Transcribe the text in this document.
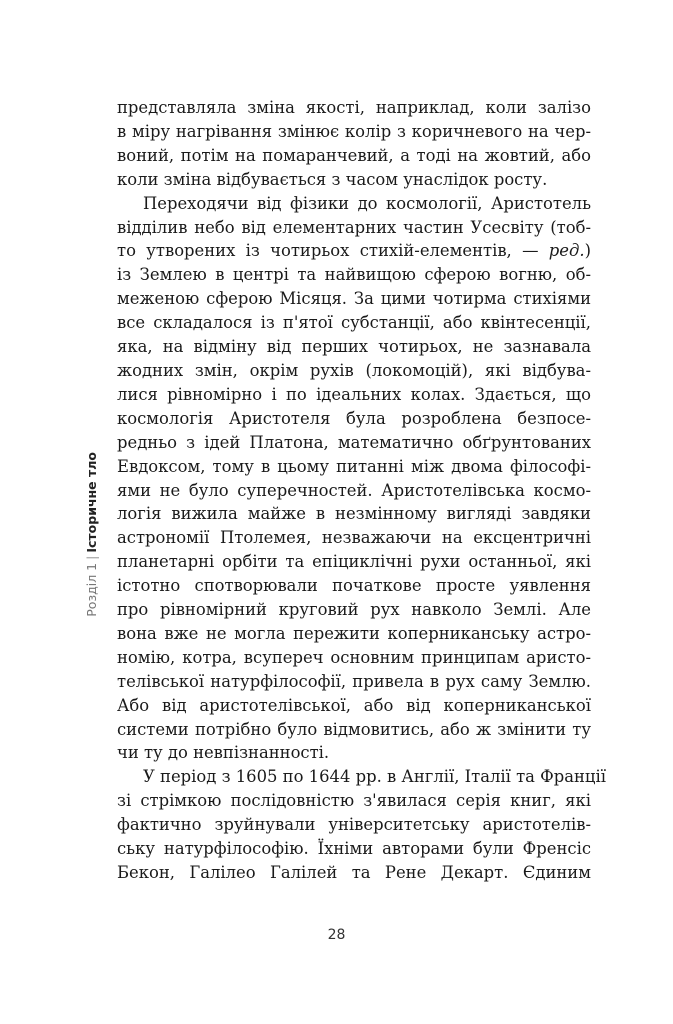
Розділ 1|Історичне тло
представляла зміна якості, наприклад, коли залізо
в міру нагрівання змінює колір з коричневого на чер-
воний, потім на помаранчевий, а тоді на жовтий, або
коли зміна відбувається з часом унаслідок росту.
Переходячи від фізики до космології, Аристотель
відділив небо від елементарних частин Усесвіту (тоб-
то утворених із чотирьох стихій-елементів, — ред.)
із Землею в центрі та найвищою сферою вогню, об-
меженою сферою Місяця. За цими чотирма стихіями
все складалося із п'ятої субстанції, або квінтесенції,
яка, на відміну від перших чотирьох, не зазнавала
жодних змін, окрім рухів (локомоцій), які відбува-
лися рівномірно і по ідеальних колах. Здається, що
космологія Аристотеля була розроблена безпосе-
редньо з ідей Платона, математично обґрунтованих
Евдоксом, тому в цьому питанні між двома філософі-
ями не було суперечностей. Аристотелівська космо-
логія вижила майже в незмінному вигляді завдяки
астрономії Птолемея, незважаючи на ексцентричні
планетарні орбіти та епіциклічні рухи останньої, які
істотно спотворювали початкове просте уявлення
про рівномірний круговий рух навколо Землі. Але
вона вже не могла пережити коперниканську астро-
номію, котра, всупереч основним принципам аристо-
телівської натурфілософії, привела в рух саму Землю.
Або від аристотелівської, або від коперниканської
системи потрібно було відмовитись, або ж змінити ту
чи ту до невпізнанності.
У період з 1605 по 1644 рр. в Англії, Італії та Франції
зі стрімкою послідовністю з'явилася серія книг, які
фактично зруйнували університетську аристотелів-
ську натурфілософію. Їхніми авторами були Френсіс
Бекон, Галілео Галілей та Рене Декарт. Єдиним
28
